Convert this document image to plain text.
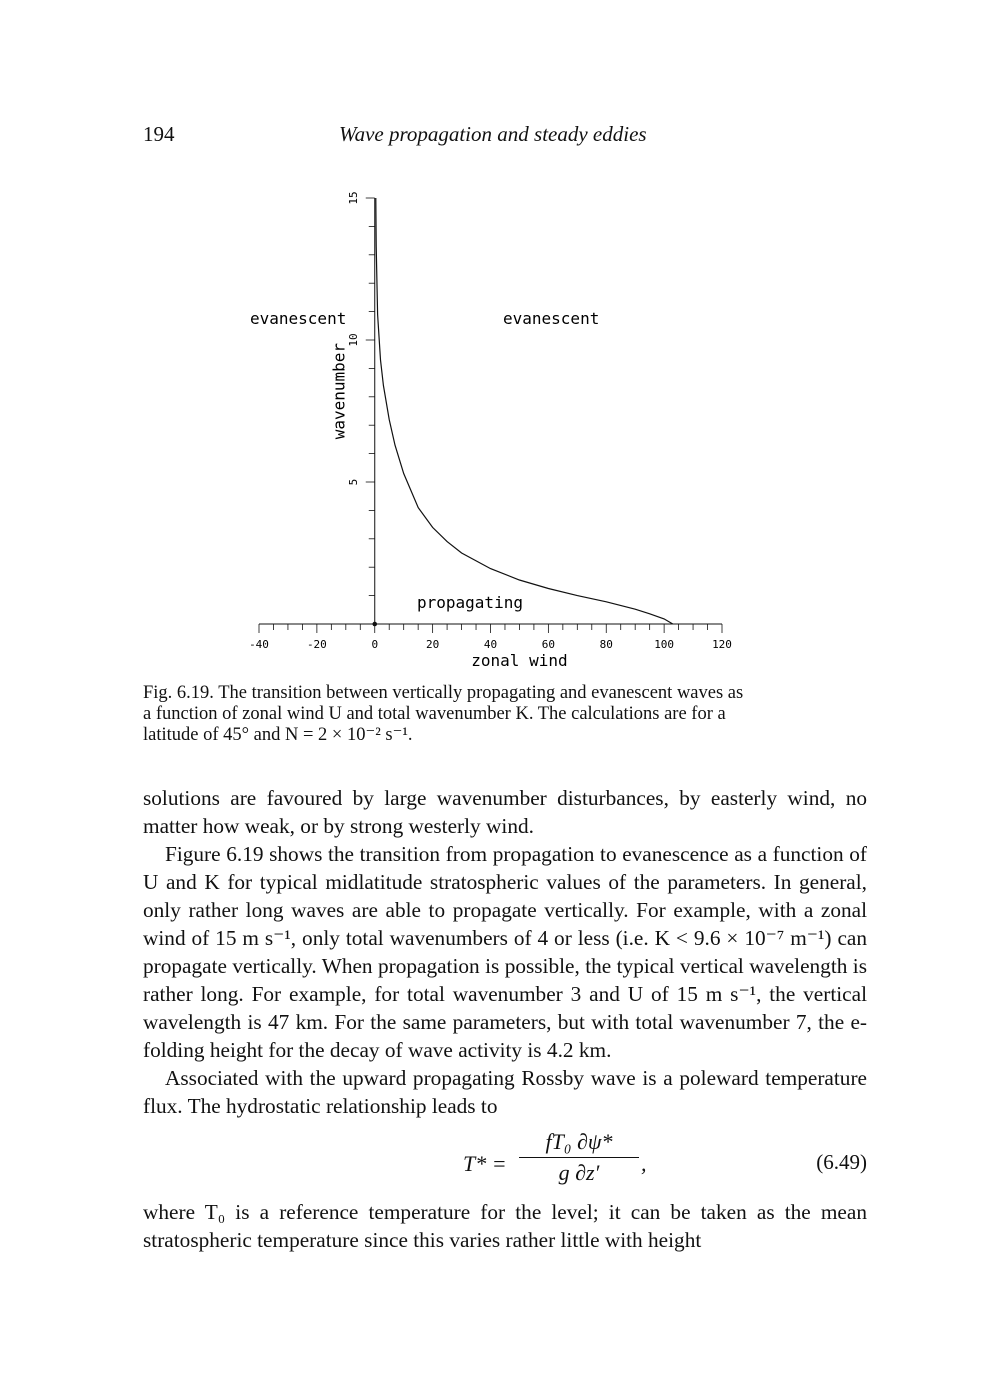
194	Wave propagation and steady eddies
-40	-20	0	20	40	60	80	100	120
5
10
15
zonal wind
wavenumber
evanescent	evanescent
propagating

Fig. 6.19. The transition between vertically propagating and evanescent waves as

a function of zonal wind U and total wavenumber K. The calculations are for a

latitude of 45° and N = 2 × 10⁻² s⁻¹.

solutions are favoured by large wavenumber disturbances, by easterly wind, no matter how weak, or by strong westerly wind.

Figure 6.19 shows the transition from propagation to evanescence as a function of U and K for typical midlatitude stratospheric values of the parameters. In general, only rather long waves are able to propagate vertically. For example, with a zonal wind of 15 m s⁻¹, only total wavenumbers of 4 or less (i.e. K < 9.6 × 10⁻⁷ m⁻¹) can propagate vertically. When propagation is possible, the typical vertical wavelength is rather long. For example, for total wavenumber 3 and U of 15 m s⁻¹, the vertical wavelength is 47 km. For the same parameters, but with total wavenumber 7, the e-folding height for the decay of wave activity is 4.2 km.

Associated with the upward propagating Rossby wave is a poleward temperature flux. The hydrostatic relationship leads to

$T* = \frac{\text{fT₀ ∂ψ*}}{g \partial z'}$ ,	(6.49)

where T₀ is a reference temperature for the level; it can be taken as the mean stratospheric temperature since this varies rather little with height
